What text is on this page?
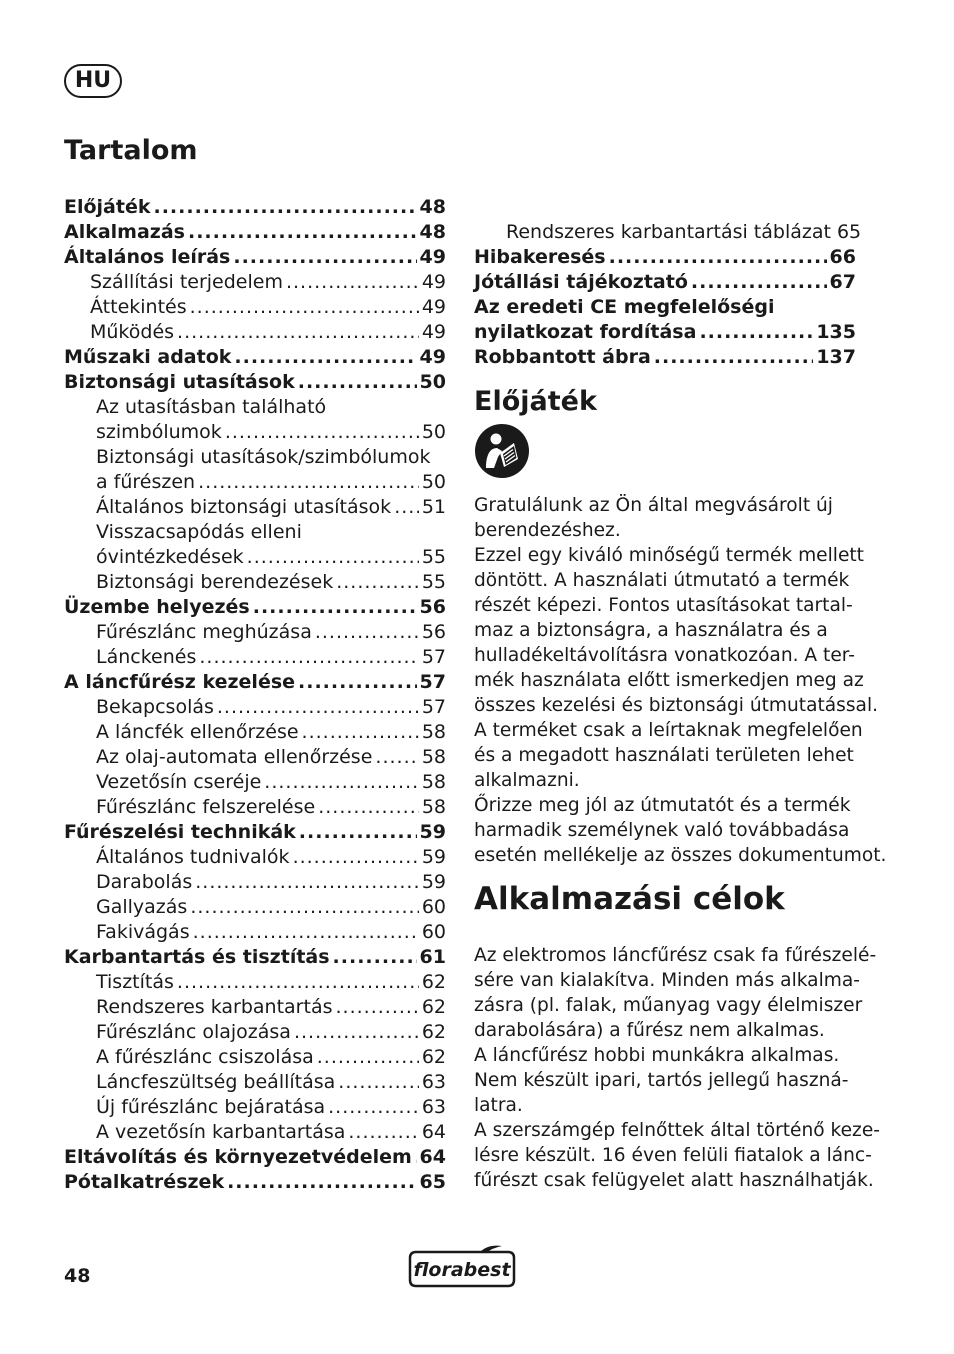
HU
Tartalom
Előjáték .....	48
Alkalmazás .....	48
Általános leírás .....	49
Szállítási terjedelem .....	49
Áttekintés .....	49
Működés .....	49
Műszaki adatok .....	49
Biztonsági utasítások .....	50
Az utasításban található
szimbólumok .....	50
Biztonsági utasítások/szimbólumok
a fűrészen .....	50
Általános biztonsági utasítások ..... 51
Visszacsapódás elleni
óvintézkedések .....	55
Biztonsági berendezések .....	55
Üzembe helyezés .....	56
Fűrészlánc meghúzása .....	56
Lánckenés .....	57
A láncfűrész kezelése .....	57
Bekapcsolás .....	57
A láncfék ellenőrzése .....	58
Az olaj-automata ellenőrzése .....	58
Vezetősín cseréje .....	58
Fűrészlánc felszerelése .....	58
Fűrészelési technikák .....	59
Általános tudnivalók .....	59
Darabolás .....	59
Gallyazás .....	60
Fakivágás .....	60
Karbantartás és tisztítás .....	61
Tisztítás .....	62
Rendszeres karbantartás .....	62
Fűrészlánc olajozása .....	62
A fűrészlánc csiszolása .....	62
Láncfeszültség beállítása .....	63
Új fűrészlánc bejáratása .....	63
A vezetősín karbantartása .....	64
Eltávolítás és környezetvédelem ..... 64
Pótalkatrészek .....	65
Rendszeres karbantartási táblázat 65
Hibakeresés .....	66
Jótállási tájékoztató .....	67
Az eredeti CE megfelelőségi
nyilatkozat fordítása .....	135
Robbantott ábra .....	137
Előjáték
Gratulálunk az Ön által megvásárolt új
berendezéshez.
Ezzel egy kiváló minőségű termék mellett
döntött. A használati útmutató a termék
részét képezi. Fontos utasításokat tartal-
maz a biztonságra, a használatra és a
hulladékeltávolításra vonatkozóan. A ter-
mék használata előtt ismerkedjen meg az
összes kezelési és biztonsági útmutatással.
A terméket csak a leírtaknak megfelelően
és a megadott használati területen lehet
alkalmazni.
Őrizze meg jól az útmutatót és a termék
harmadik személynek való továbbadása
esetén mellékelje az összes dokumentumot.
Alkalmazási célok
Az elektromos láncfűrész csak fa fűrészelé-
sére van kialakítva. Minden más alkalma-
zásra (pl. falak, műanyag vagy élelmiszer
darabolására) a fűrész nem alkalmas.
A láncfűrész hobbi munkákra alkalmas.
Nem készült ipari, tartós jellegű haszná-
latra.
A szerszámgép felnőttek által történő keze-
lésre készült. 16 éven felüli fiatalok a lánc-
fűrészt csak felügyelet alatt használhatják.
48	florabest
